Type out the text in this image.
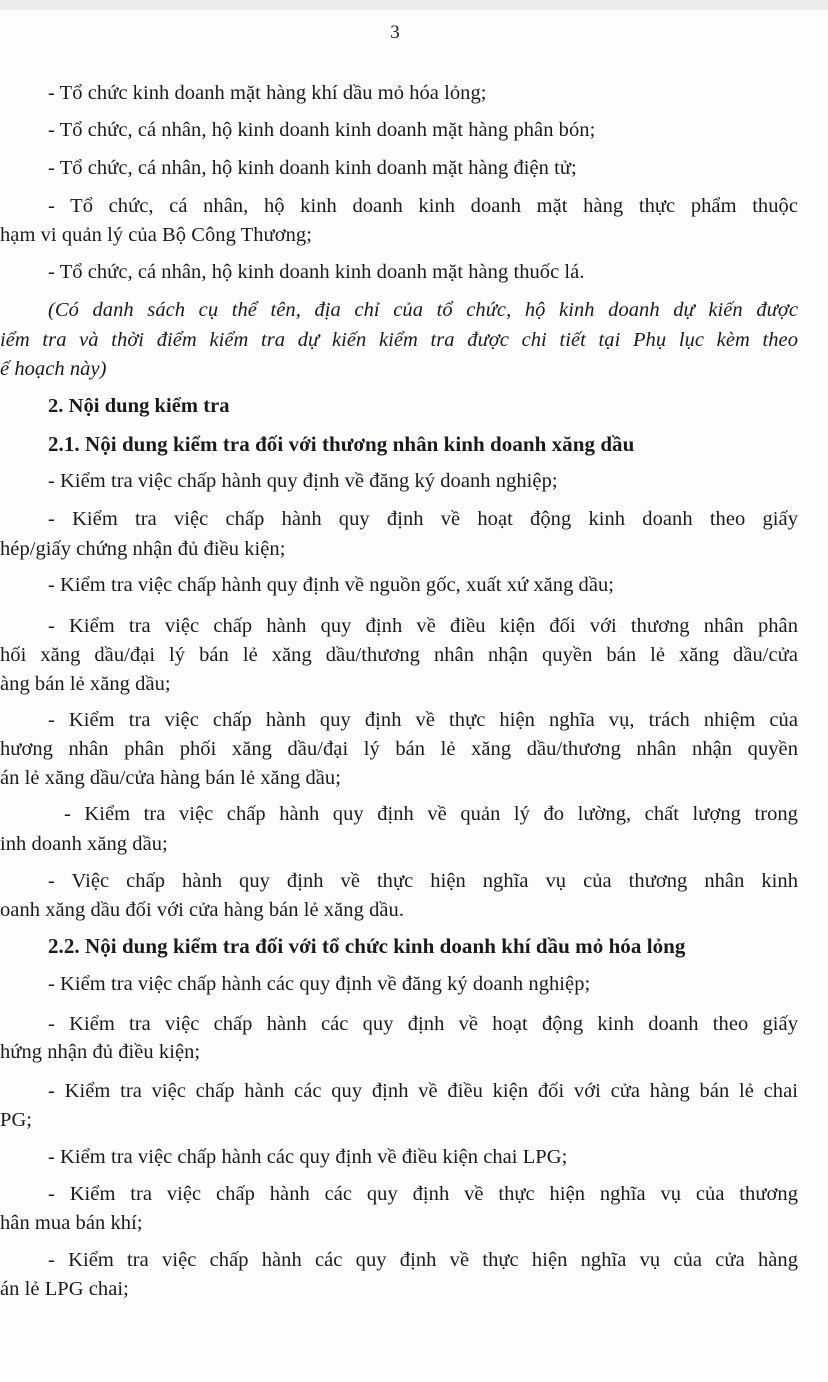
3
- Tổ chức kinh doanh mặt hàng khí dầu mỏ hóa lỏng;
- Tổ chức, cá nhân, hộ kinh doanh kinh doanh mặt hàng phân bón;
- Tổ chức, cá nhân, hộ kinh doanh kinh doanh mặt hàng điện tử;
- Tổ chức, cá nhân, hộ kinh doanh kinh doanh mặt hàng thực phẩm thuộc
hạm vi quản lý của Bộ Công Thương;
- Tổ chức, cá nhân, hộ kinh doanh kinh doanh mặt hàng thuốc lá.
(Có danh sách cụ thể tên, địa chỉ của tổ chức, hộ kinh doanh dự kiến được
iểm tra và thời điểm kiểm tra dự kiến kiểm tra được chi tiết tại Phụ lục kèm theo
ế hoạch này)
2. Nội dung kiểm tra
2.1. Nội dung kiểm tra đối với thương nhân kinh doanh xăng dầu
- Kiểm tra việc chấp hành quy định về đăng ký doanh nghiệp;
- Kiểm tra việc chấp hành quy định về hoạt động kinh doanh theo giấy
hép/giấy chứng nhận đủ điều kiện;
- Kiểm tra việc chấp hành quy định về nguồn gốc, xuất xứ xăng dầu;
- Kiểm tra việc chấp hành quy định về điều kiện đối với thương nhân phân
hối xăng dầu/đại lý bán lẻ xăng dầu/thương nhân nhận quyền bán lẻ xăng dầu/cửa
àng bán lẻ xăng dầu;
- Kiểm tra việc chấp hành quy định về thực hiện nghĩa vụ, trách nhiệm của
hương nhân phân phối xăng dầu/đại lý bán lẻ xăng dầu/thương nhân nhận quyền
án lẻ xăng dầu/cửa hàng bán lẻ xăng dầu;
- Kiểm tra việc chấp hành quy định về quản lý đo lường, chất lượng trong
inh doanh xăng dầu;
- Việc chấp hành quy định về thực hiện nghĩa vụ của thương nhân kinh
oanh xăng dầu đối với cửa hàng bán lẻ xăng dầu.
2.2. Nội dung kiểm tra đối với tổ chức kinh doanh khí dầu mỏ hóa lỏng
- Kiểm tra việc chấp hành các quy định về đăng ký doanh nghiệp;
- Kiểm tra việc chấp hành các quy định về hoạt động kinh doanh theo giấy
hứng nhận đủ điều kiện;
- Kiểm tra việc chấp hành các quy định về điều kiện đối với cửa hàng bán lẻ chai
PG;
- Kiểm tra việc chấp hành các quy định về điều kiện chai LPG;
- Kiểm tra việc chấp hành các quy định về thực hiện nghĩa vụ của thương
hân mua bán khí;
- Kiểm tra việc chấp hành các quy định về thực hiện nghĩa vụ của cửa hàng
án lẻ LPG chai;
